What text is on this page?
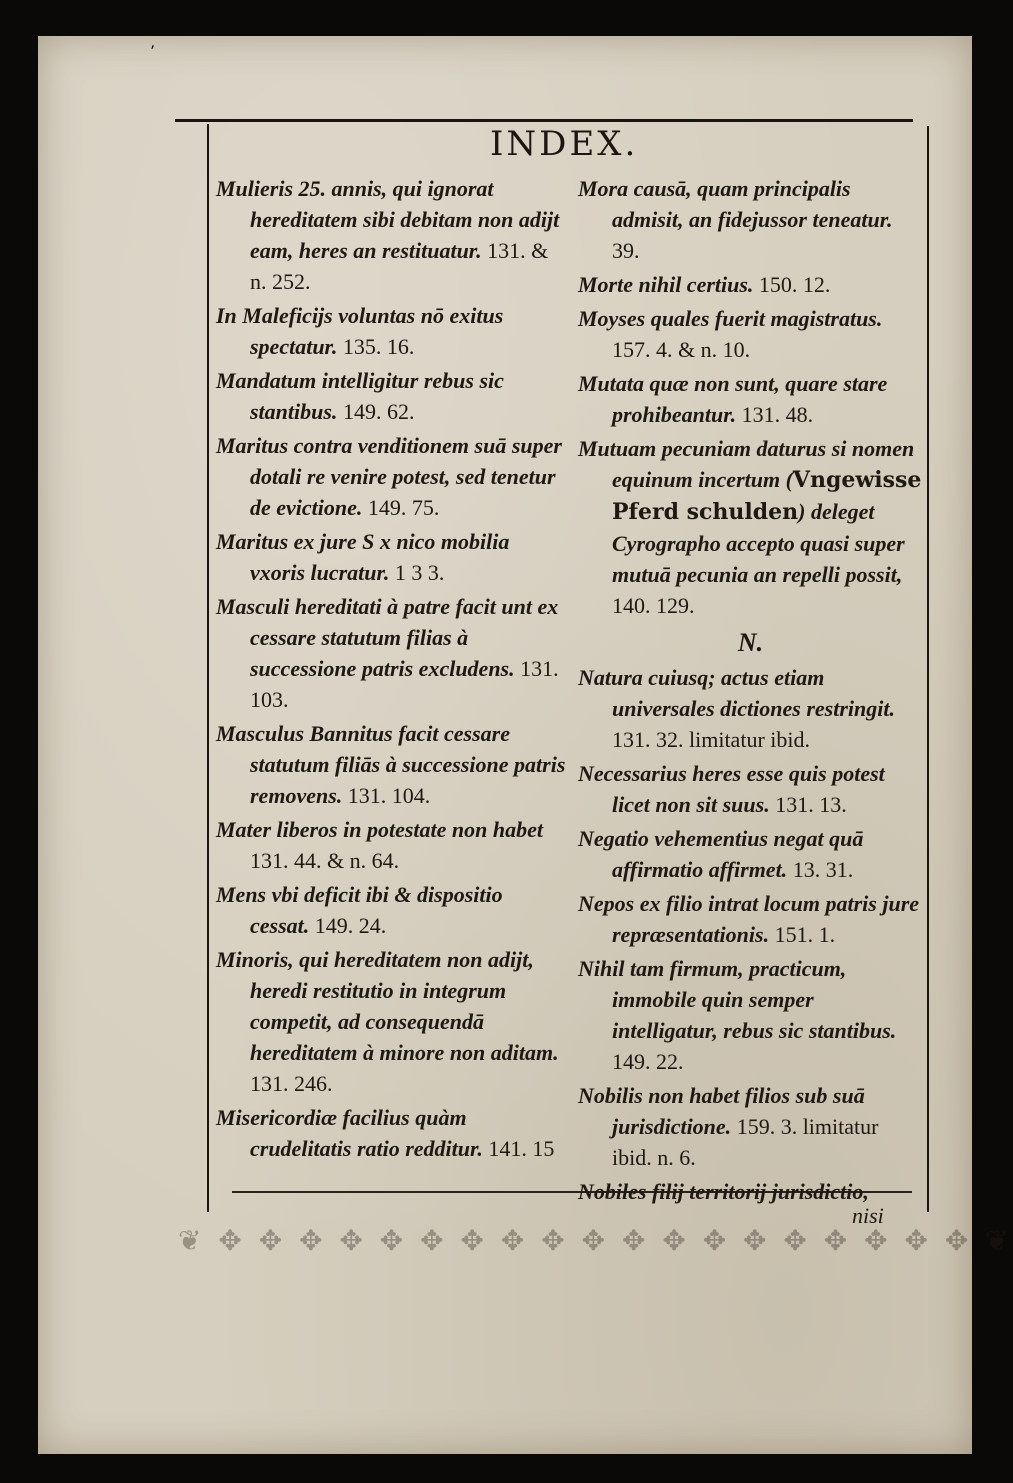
٬
INDEX.
Mulieris 25. annis, qui ignorat hereditatem sibi debitam non adijt eam, heres an restituatur. 131. & n. 252.
In Maleficijs voluntas nō exitus spectatur. 135. 16.
Mandatum intelligitur rebus sic stantibus. 149. 62.
Maritus contra venditionem suā super dotali re venire potest, sed tenetur de evictione. 149. 75.
Maritus ex jure S x nico mobilia vxoris lucratur. 1 3 3.
Masculi hereditati à patre facit unt ex cessare statutum filias à successione patris excludens. 131. 103.
Masculus Bannitus facit cessare statutum filiās à successione patris removens. 131. 104.
Mater liberos in potestate non habet 131. 44. & n. 64.
Mens vbi deficit ibi & dispositio cessat. 149. 24.
Minoris, qui hereditatem non adijt, heredi restitutio in integrum competit, ad consequendā hereditatem à minore non aditam. 131. 246.
Misericordiæ facilius quàm crudelitatis ratio redditur. 141. 15
Mora causā, quam principalis admisit, an fidejussor teneatur. 39.
Morte nihil certius. 150. 12.
Moyses quales fuerit magistratus. 157. 4. & n. 10.
Mutata quæ non sunt, quare stare prohibeantur. 131. 48.
Mutuam pecuniam daturus si nomen equinum incertum (Vngewisse Pferd schulden) deleget Cyrographo accepto quasi super mutuā pecunia an repelli possit, 140. 129.
N.
Natura cuiusq; actus etiam universales dictiones restringit. 131. 32. limitatur ibid.
Necessarius heres esse quis potest licet non sit suus. 131. 13.
Negatio vehementius negat quā affirmatio affirmet. 13. 31.
Nepos ex filio intrat locum patris jure repræsentationis. 151. 1.
Nihil tam firmum, practicum, immobile quin semper intelligatur, rebus sic stantibus. 149. 22.
Nobilis non habet filios sub suā jurisdictione. 159. 3. limitatur ibid. n. 6.
Nobiles filij territorij jurisdictio,
nisi
❦ ✥ ✥ ✥ ✥ ✥ ✥ ✥ ✥ ✥ ✥ ✥ ✥ ✥ ✥ ✥ ✥ ✥ ✥ ✥ ❦
